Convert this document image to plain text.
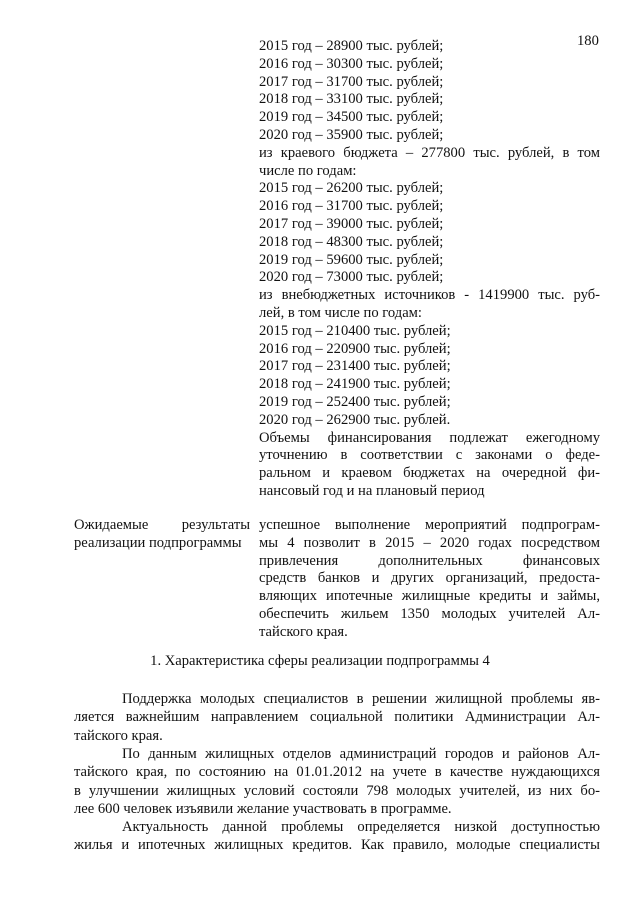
180
2015 год – 28900 тыс. рублей;
2016 год – 30300 тыс. рублей;
2017 год – 31700 тыс. рублей;
2018 год – 33100 тыс. рублей;
2019 год – 34500 тыс. рублей;
2020 год – 35900 тыс. рублей;
из краевого бюджета – 277800 тыс. рублей, в том
числе по годам:
2015 год – 26200 тыс. рублей;
2016 год – 31700 тыс. рублей;
2017 год – 39000 тыс. рублей;
2018 год – 48300 тыс. рублей;
2019 год – 59600 тыс. рублей;
2020 год – 73000 тыс. рублей;
из внебюджетных источников - 1419900 тыс. руб-
лей, в том числе по годам:
2015 год – 210400 тыс. рублей;
2016 год – 220900 тыс. рублей;
2017 год – 231400 тыс. рублей;
2018 год – 241900 тыс. рублей;
2019 год – 252400 тыс. рублей;
2020 год – 262900 тыс. рублей.
Объемы финансирования подлежат ежегодному
уточнению в соответствии с законами о феде-
ральном и краевом бюджетах на очередной фи-
нансовый год и на плановый период
Ожидаемые результаты
реализации подпрограммы
успешное выполнение мероприятий подпрограм-
мы 4 позволит в 2015 – 2020 годах посредством
привлечения дополнительных финансовых
средств банков и других организаций, предоста-
вляющих ипотечные жилищные кредиты и займы,
обеспечить жильем 1350 молодых учителей Ал-
тайского края.
1. Характеристика сферы реализации подпрограммы 4
Поддержка молодых специалистов в решении жилищной проблемы яв-
ляется важнейшим направлением социальной политики Администрации Ал-
тайского края.
По данным жилищных отделов администраций городов и районов Ал-
тайского края, по состоянию на 01.01.2012 на учете в качестве нуждающихся
в улучшении жилищных условий состояли 798 молодых учителей, из них бо-
лее 600 человек изъявили желание участвовать в программе.
Актуальность данной проблемы определяется низкой доступностью
жилья и ипотечных жилищных кредитов. Как правило, молодые специалисты
